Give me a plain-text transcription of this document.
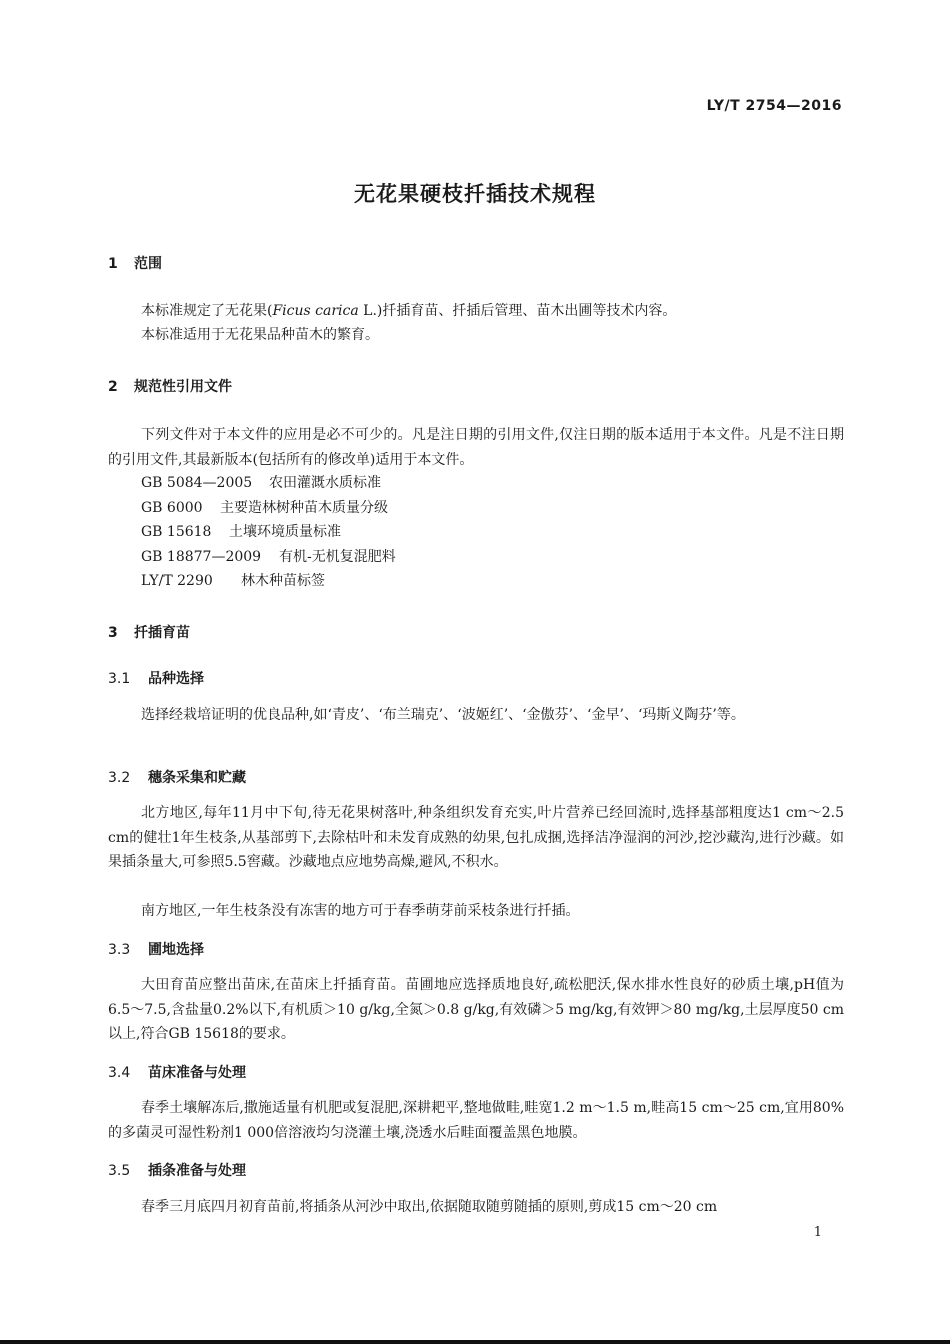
LY/T 2754—2016
无花果硬枝扦插技术规程
1 范围
本标准规定了无花果(Ficus carica L.)扦插育苗、扦插后管理、苗木出圃等技术内容。
本标准适用于无花果品种苗木的繁育。
2 规范性引用文件
下列文件对于本文件的应用是必不可少的。凡是注日期的引用文件,仅注日期的版本适用于本文件。凡是不注日期的引用文件,其最新版本(包括所有的修改单)适用于本文件。
GB 5084—2005 农田灌溉水质标准
GB 6000 主要造林树种苗木质量分级
GB 15618 土壤环境质量标准
GB 18877—2009 有机-无机复混肥料
LY/T 2290 林木种苗标签
3 扦插育苗
3.1 品种选择
选择经栽培证明的优良品种,如‘青皮’、‘布兰瑞克’、‘波姬红’、‘金傲芬’、‘金早’、‘玛斯义陶芬’等。
3.2 穗条采集和贮藏
北方地区,每年11月中下旬,待无花果树落叶,种条组织发育充实,叶片营养已经回流时,选择基部粗度达1 cm～2.5 cm的健壮1年生枝条,从基部剪下,去除枯叶和未发育成熟的幼果,包扎成捆,选择洁净湿润的河沙,挖沙藏沟,进行沙藏。如果插条量大,可参照5.5窖藏。沙藏地点应地势高燥,避风,不积水。
南方地区,一年生枝条没有冻害的地方可于春季萌芽前采枝条进行扦插。
3.3 圃地选择
大田育苗应整出苗床,在苗床上扦插育苗。苗圃地应选择质地良好,疏松肥沃,保水排水性良好的砂质土壤,pH值为6.5～7.5,含盐量0.2%以下,有机质＞10 g/kg,全氮＞0.8 g/kg,有效磷＞5 mg/kg,有效钾＞80 mg/kg,土层厚度50 cm以上,符合GB 15618的要求。
3.4 苗床准备与处理
春季土壤解冻后,撒施适量有机肥或复混肥,深耕耙平,整地做畦,畦宽1.2 m～1.5 m,畦高15 cm～25 cm,宜用80%的多菌灵可湿性粉剂1 000倍溶液均匀浇灌土壤,浇透水后畦面覆盖黑色地膜。
3.5 插条准备与处理
春季三月底四月初育苗前,将插条从河沙中取出,依据随取随剪随插的原则,剪成15 cm～20 cm
1
